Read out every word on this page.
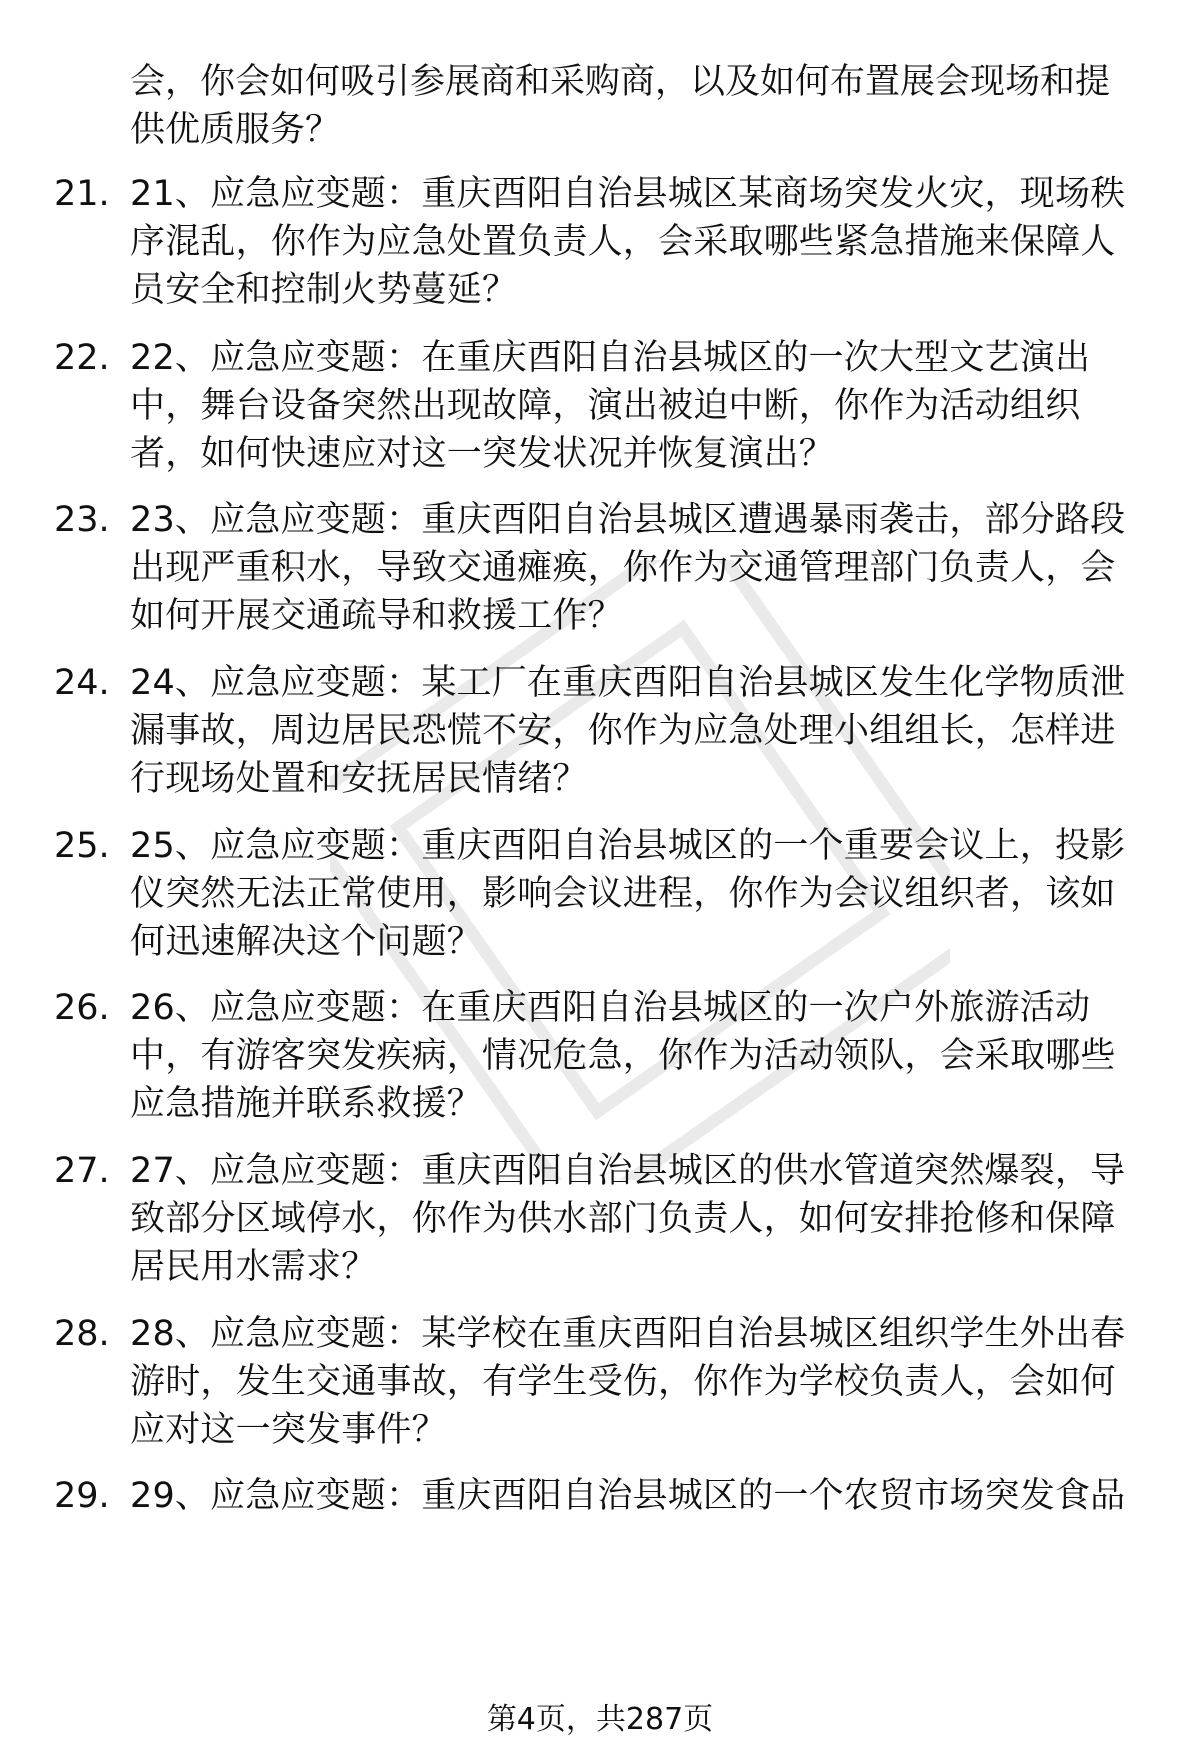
会，你会如何吸引参展商和采购商，以及如何布置展会现场和提供优质服务？
21. 21、应急应变题：重庆酉阳自治县城区某商场突发火灾，现场秩序混乱，你作为应急处置负责人，会采取哪些紧急措施来保障人员安全和控制火势蔓延？
22. 22、应急应变题：在重庆酉阳自治县城区的一次大型文艺演出中，舞台设备突然出现故障，演出被迫中断，你作为活动组织者，如何快速应对这一突发状况并恢复演出？
23. 23、应急应变题：重庆酉阳自治县城区遭遇暴雨袭击，部分路段出现严重积水，导致交通瘫痪，你作为交通管理部门负责人，会如何开展交通疏导和救援工作？
24. 24、应急应变题：某工厂在重庆酉阳自治县城区发生化学物质泄漏事故，周边居民恐慌不安，你作为应急处理小组组长，怎样进行现场处置和安抚居民情绪？
25. 25、应急应变题：重庆酉阳自治县城区的一个重要会议上，投影仪突然无法正常使用，影响会议进程，你作为会议组织者，该如何迅速解决这个问题？
26. 26、应急应变题：在重庆酉阳自治县城区的一次户外旅游活动中，有游客突发疾病，情况危急，你作为活动领队，会采取哪些应急措施并联系救援？
27. 27、应急应变题：重庆酉阳自治县城区的供水管道突然爆裂，导致部分区域停水，你作为供水部门负责人，如何安排抢修和保障居民用水需求？
28. 28、应急应变题：某学校在重庆酉阳自治县城区组织学生外出春游时，发生交通事故，有学生受伤，你作为学校负责人，会如何应对这一突发事件？
29. 29、应急应变题：重庆酉阳自治县城区的一个农贸市场突发食品
第4页，共287页
